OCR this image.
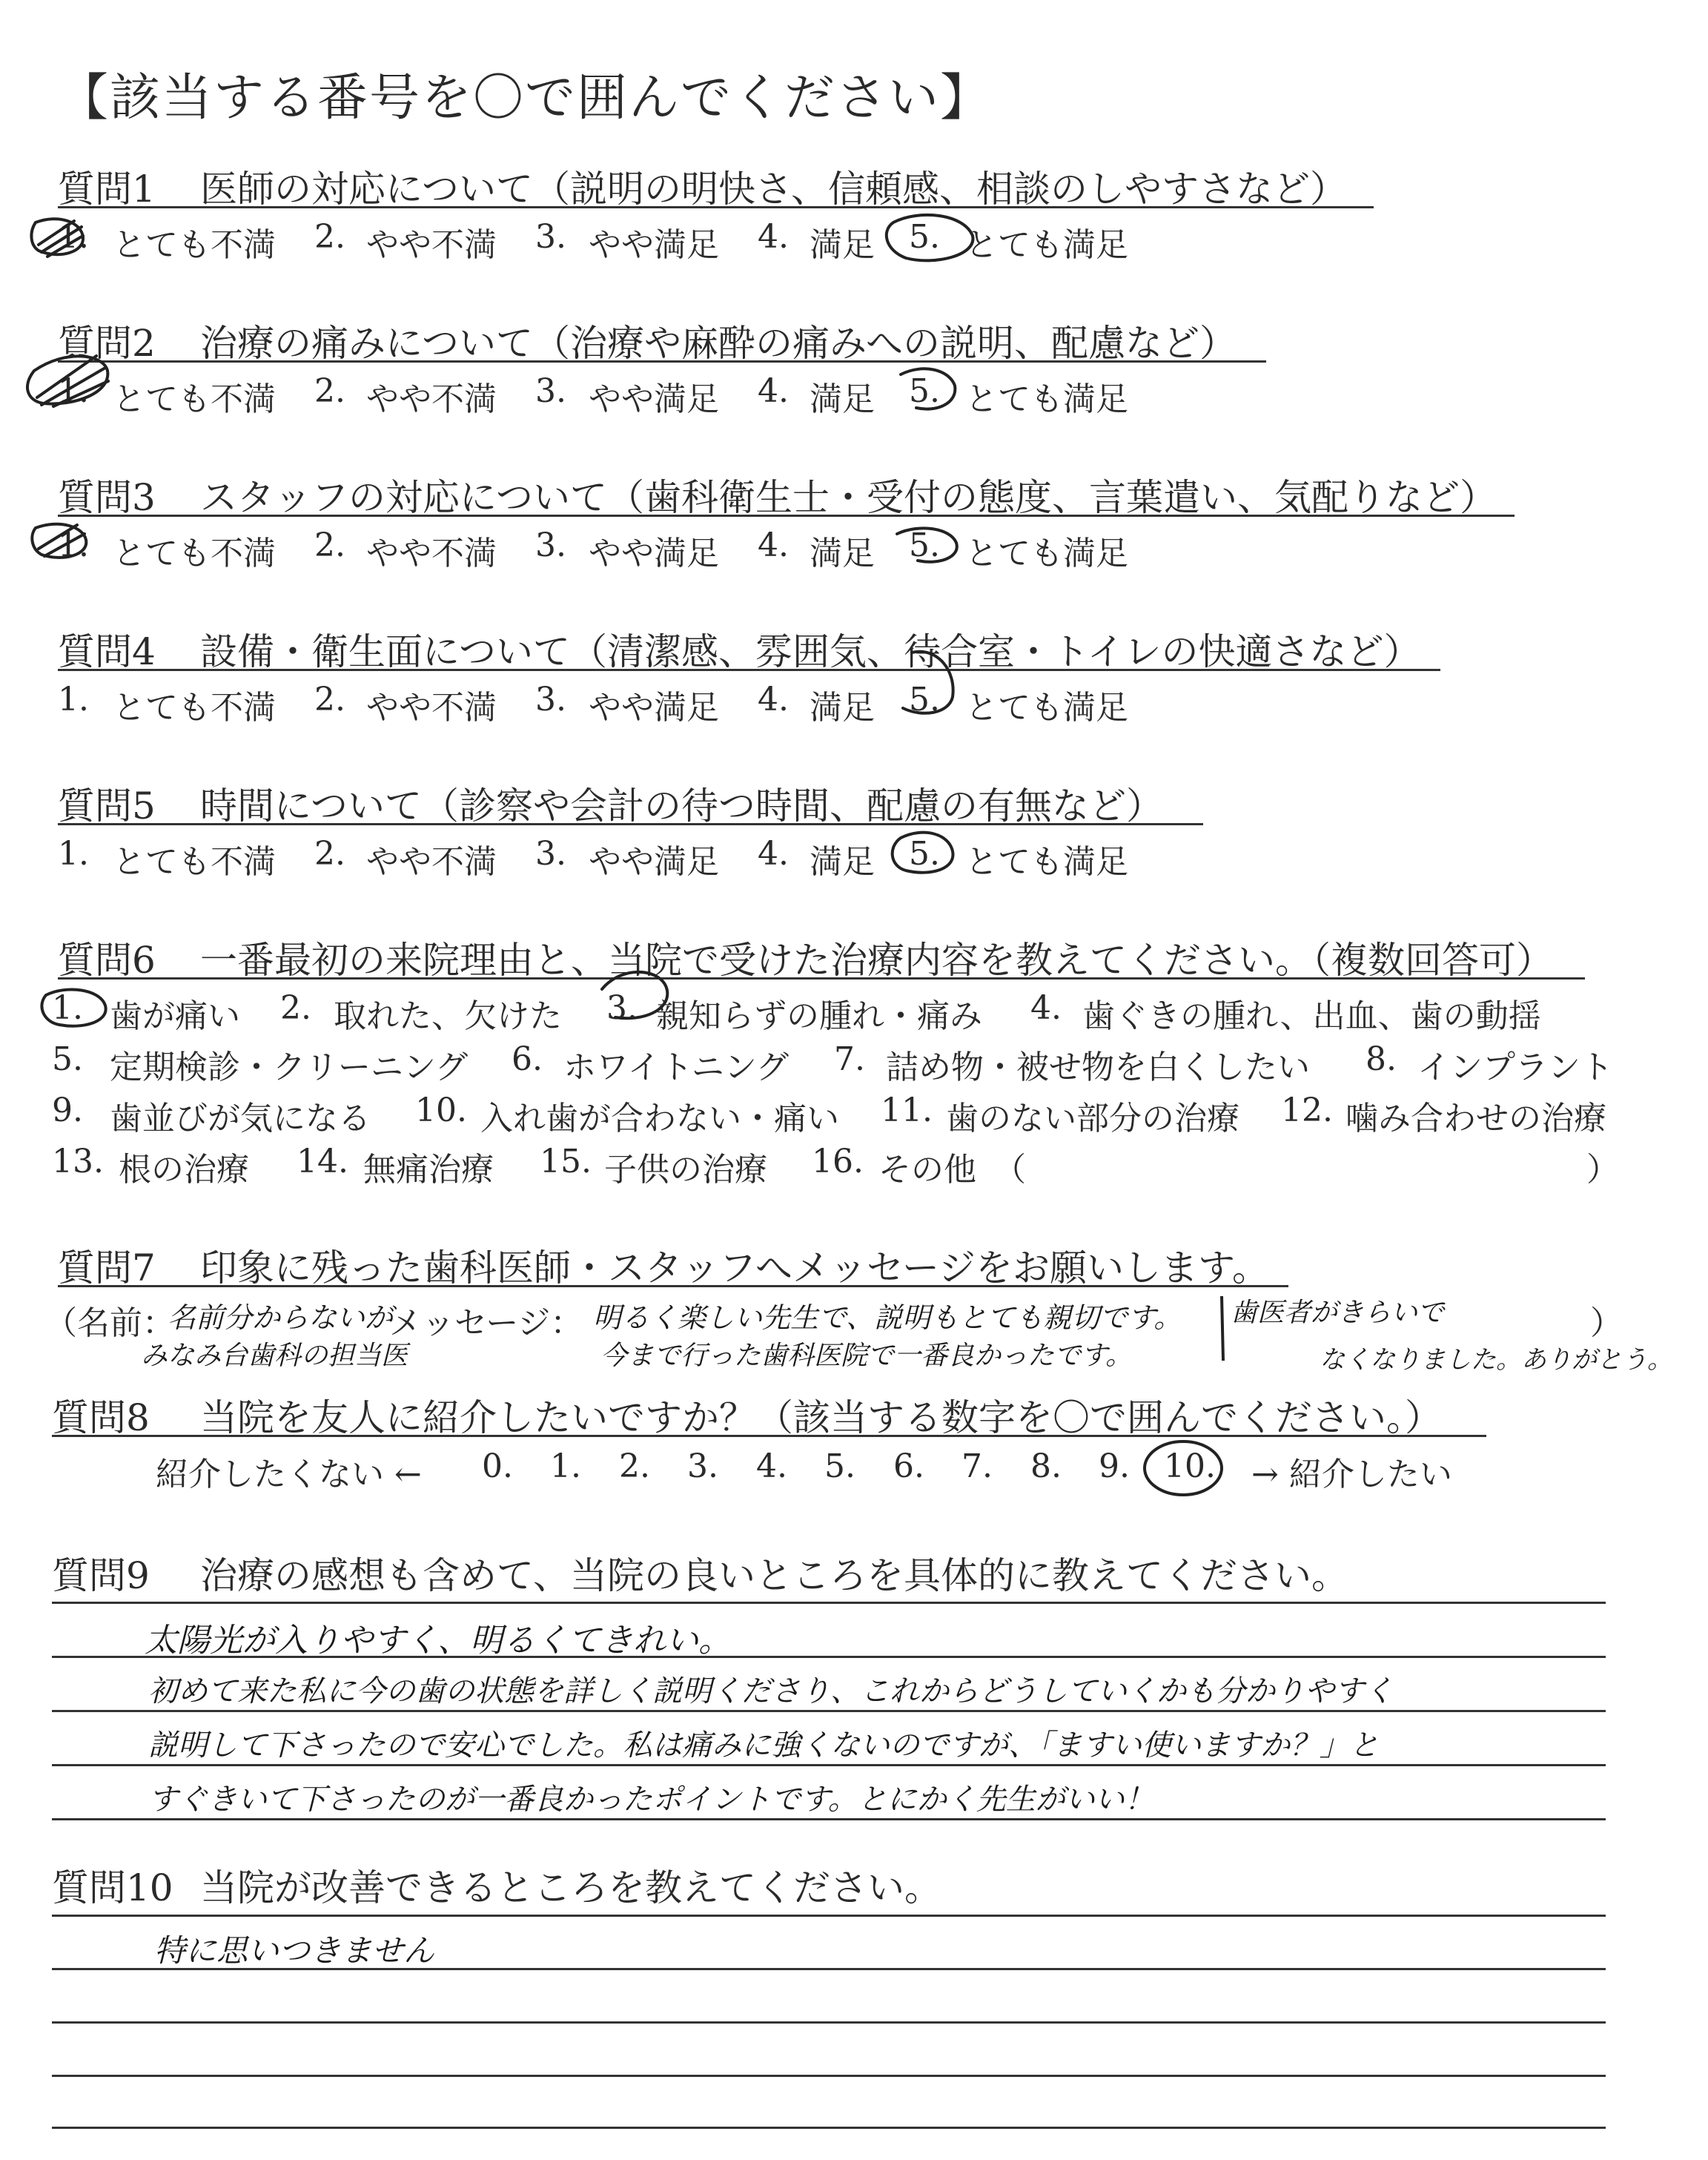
【該当する番号を〇で囲んでください】
質問1 医師の対応について（説明の明快さ、信頼感、相談のしやすさなど）
1. とても不満 2. やや不満 3. やや満足 4. 満足 5. とても満足
質問2 治療の痛みについて（治療や麻酔の痛みへの説明、配慮など）
1. とても不満 2. やや不満 3. やや満足 4. 満足 5. とても満足
質問3 スタッフの対応について（歯科衛生士・受付の態度、言葉遣い、気配りなど）
1. とても不満 2. やや不満 3. やや満足 4. 満足 5. とても満足
質問4 設備・衛生面について（清潔感、雰囲気、待合室・トイレの快適さなど）
1. とても不満 2. やや不満 3. やや満足 4. 満足 5. とても満足
質問5 時間について（診察や会計の待つ時間、配慮の有無など）
1. とても不満 2. やや不満 3. やや満足 4. 満足 5. とても満足
質問6 一番最初の来院理由と、当院で受けた治療内容を教えてください。（複数回答可）
1. 歯が痛い 2. 取れた、欠けた 3. 親知らずの腫れ・痛み 4. 歯ぐきの腫れ、出血、歯の動揺
5. 定期検診・クリーニング 6. ホワイトニング 7. 詰め物・被せ物を白くしたい 8. インプラント
9. 歯並びが気になる 10. 入れ歯が合わない・痛い 11. 歯のない部分の治療 12. 噛み合わせの治療
13. 根の治療 14. 無痛治療 15. 子供の治療 16. その他 （	）
質問7 印象に残った歯科医師・スタッフへメッセージをお願いします。
（名前：
名前分からないが
みなみ台歯科の担当医
メッセージ： 明るく楽しい先生で、説明もとても親切です。
今まで行った歯科医院で一番良かったです。
歯医者がきらいで
なくなりました。ありがとう。
）
質問8 当院を友人に紹介したいですか？（該当する数字を〇で囲んでください。）
紹介したくない ← 0. 1. 2. 3. 4. 5. 6. 7. 8. 9. 10. → 紹介したい
質問9 治療の感想も含めて、当院の良いところを具体的に教えてください。
太陽光が入りやすく、明るくてきれい。
初めて来た私に今の歯の状態を詳しく説明くださり、これからどうしていくかも分かりやすく
説明して下さったので安心でした。私は痛みに強くないのですが、「ますい使いますか？」と
すぐきいて下さったのが一番良かったポイントです。とにかく先生がいい！
質問10 当院が改善できるところを教えてください。
特に思いつきません
